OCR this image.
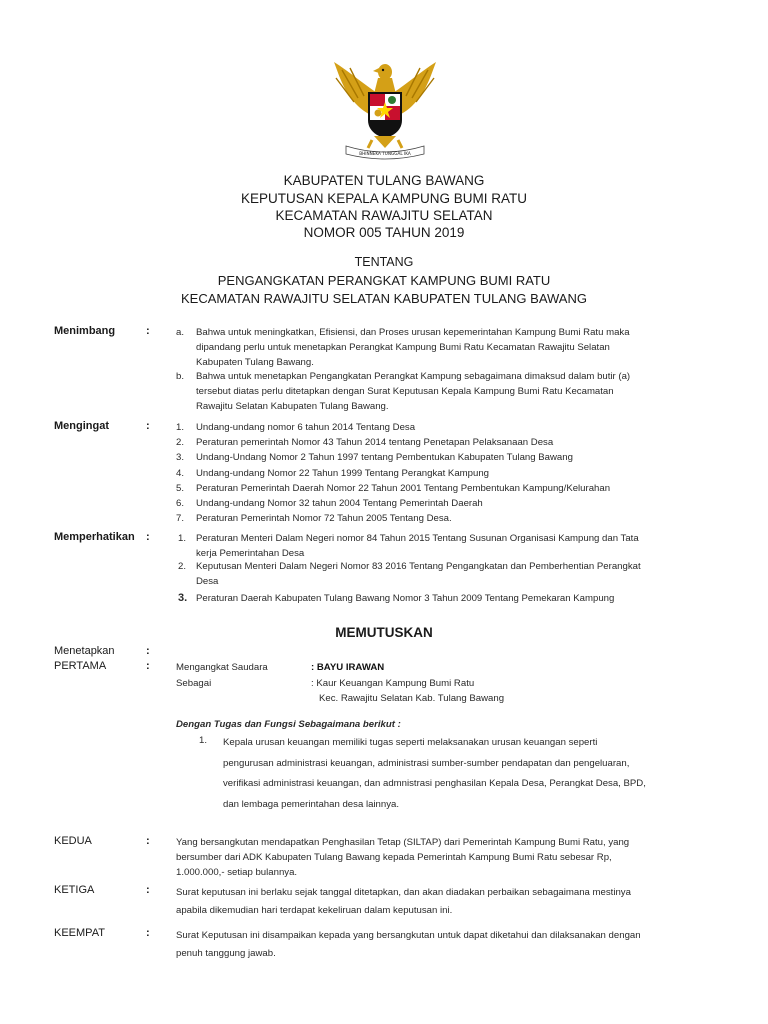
BHINNEKA TUNGGAL IKA
KABUPATEN TULANG BAWANG
KEPUTUSAN KEPALA KAMPUNG BUMI RATU
KECAMATAN RAWAJITU SELATAN
NOMOR 005 TAHUN 2019
TENTANG
PENGANGKATAN PERANGKAT KAMPUNG BUMI RATU
KECAMATAN RAWAJITU SELATAN KABUPATEN TULANG BAWANG
Menimbang	:	a. Bahwa untuk meningkatkan, Efisiensi, dan Proses urusan kepemerintahan Kampung Bumi Ratu maka
dipandang perlu untuk menetapkan Perangkat Kampung Bumi Ratu Kecamatan Rawajitu Selatan
Kabupaten Tulang Bawang.
b. Bahwa untuk menetapkan Pengangkatan Perangkat Kampung sebagaimana dimaksud dalam butir (a)
tersebut diatas perlu ditetapkan dengan Surat Keputusan Kepala Kampung Bumi Ratu Kecamatan
Rawajitu Selatan Kabupaten Tulang Bawang.
Mengingat	:	1. Undang-undang nomor 6 tahun 2014 Tentang Desa
2. Peraturan pemerintah Nomor 43 Tahun 2014 tentang Penetapan Pelaksanaan Desa
3. Undang-Undang Nomor 2 Tahun 1997 tentang Pembentukan Kabupaten Tulang Bawang
4. Undang-undang Nomor 22 Tahun 1999 Tentang Perangkat Kampung
5. Peraturan Pemerintah Daerah Nomor 22 Tahun 2001 Tentang Pembentukan Kampung/Kelurahan
6. Undang-undang Nomor 32 tahun 2004 Tentang Pemerintah Daerah
7. Peraturan Pemerintah Nomor 72 Tahun 2005 Tentang Desa.
Memperhatikan :	1. Peraturan Menteri Dalam Negeri nomor 84 Tahun 2015 Tentang Susunan Organisasi Kampung dan Tata
kerja Pemerintahan Desa
2. Keputusan Menteri Dalam Negeri Nomor 83 2016 Tentang Pengangkatan dan Pemberhentian Perangkat
Desa
3. Peraturan Daerah Kabupaten Tulang Bawang Nomor 3 Tahun 2009 Tentang Pemekaran Kampung
MEMUTUSKAN
Menetapkan	:
PERTAMA	:	Mengangkat Saudara	: BAYU IRAWAN
Sebagai	: Kaur Keuangan Kampung Bumi Ratu
Kec. Rawajitu Selatan Kab. Tulang Bawang
Dengan Tugas dan Fungsi Sebagaimana berikut :
1. Kepala urusan keuangan memiliki tugas seperti melaksanakan urusan keuangan seperti
pengurusan administrasi keuangan, administrasi sumber-sumber pendapatan dan pengeluaran,
verifikasi administrasi keuangan, dan admnistrasi penghasilan Kepala Desa, Perangkat Desa, BPD,
dan lembaga pemerintahan desa lainnya.
KEDUA	:	Yang bersangkutan mendapatkan Penghasilan Tetap (SILTAP) dari Pemerintah Kampung Bumi Ratu, yang
bersumber dari ADK Kabupaten Tulang Bawang kepada Pemerintah Kampung Bumi Ratu sebesar Rp,
1.000.000,- setiap bulannya.
KETIGA	:	Surat keputusan ini berlaku sejak tanggal ditetapkan, dan akan diadakan perbaikan sebagaimana mestinya
apabila dikemudian hari terdapat kekeliruan dalam keputusan ini.
KEEMPAT	:	Surat Keputusan ini disampaikan kepada yang bersangkutan untuk dapat diketahui dan dilaksanakan dengan
penuh tanggung jawab.
